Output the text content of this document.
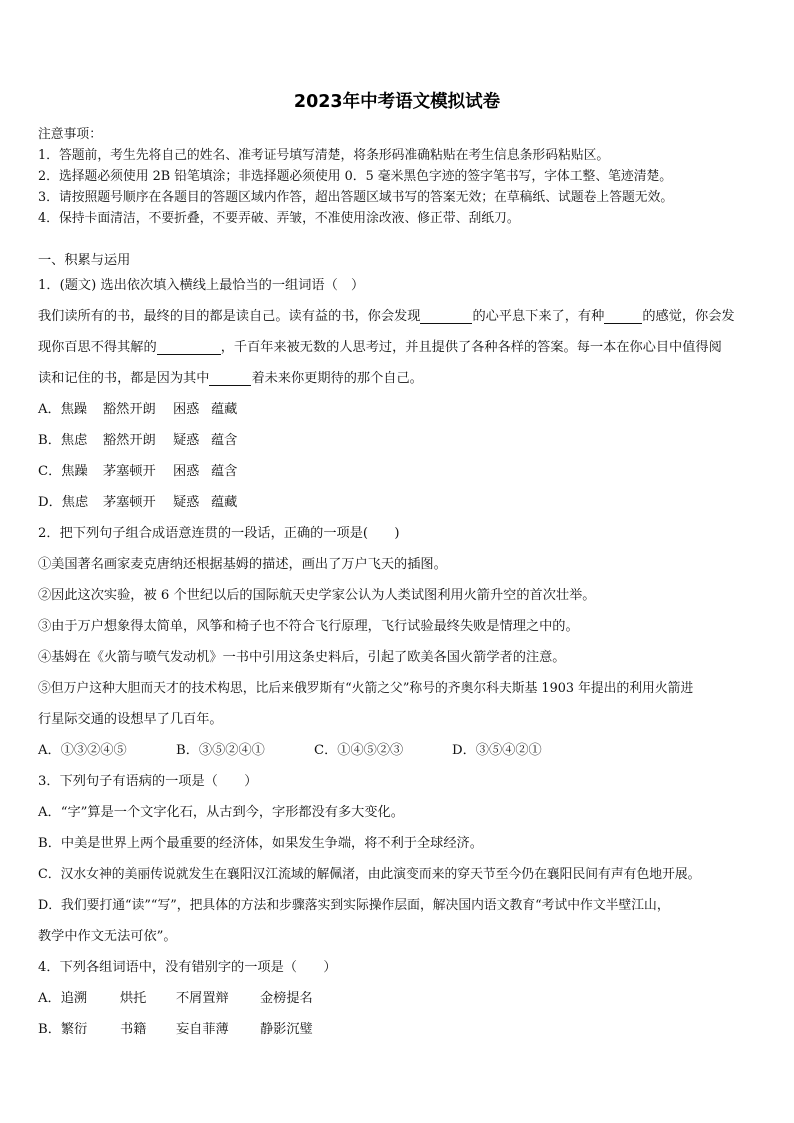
2023年中考语文模拟试卷
注意事项：
1．答题前，考生先将自己的姓名、准考证号填写清楚，将条形码准确粘贴在考生信息条形码粘贴区。
2．选择题必须使用 2B 铅笔填涂；非选择题必须使用 0．5 毫米黑色字迹的签字笔书写，字体工整、笔迹清楚。
3．请按照题号顺序在各题目的答题区域内作答，超出答题区域书写的答案无效；在草稿纸、试题卷上答题无效。
4．保持卡面清洁，不要折叠，不要弄破、弄皱，不准使用涂改液、修正带、刮纸刀。
一、积累与运用
1．(题文) 选出依次填入横线上最恰当的一组词语（　）
我们读所有的书，最终的目的都是读自己。读有益的书，你会发现	的心平息下来了，有种	的感觉，你会发
现你百思不得其解的	，千百年来被无数的人思考过，并且提供了各种各样的答案。每一本在你心目中值得阅
读和记住的书，都是因为其中	着未来你更期待的那个自己。
A．焦躁 豁然开朗 困惑 蕴藏
B．焦虑 豁然开朗 疑惑 蕴含
C．焦躁 茅塞顿开 困惑 蕴含
D．焦虑 茅塞顿开 疑惑 蕴藏
2．把下列句子组合成语意连贯的一段话，正确的一项是(　　)
①美国著名画家麦克唐纳还根据基姆的描述，画出了万户飞天的插图。
②因此这次实验，被 6 个世纪以后的国际航天史学家公认为人类试图利用火箭升空的首次壮举。
③由于万户想象得太简单，风筝和椅子也不符合飞行原理，飞行试验最终失败是情理之中的。
④基姆在《火箭与喷气发动机》一书中引用这条史料后，引起了欧美各国火箭学者的注意。
⑤但万户这种大胆而天才的技术构思，比后来俄罗斯有“火箭之父”称号的齐奥尔科夫斯基 1903 年提出的利用火箭进
行星际交通的设想早了几百年。
A．①③②④⑤	B．③⑤②④①	C．①④⑤②③	D．③⑤④②①
3．下列句子有语病的一项是（　　）
A．“字”算是一个文字化石，从古到今，字形都没有多大变化。
B．中美是世界上两个最重要的经济体，如果发生争端，将不利于全球经济。
C．汉水女神的美丽传说就发生在襄阳汉江流域的解佩渚，由此演变而来的穿天节至今仍在襄阳民间有声有色地开展。
D．我们要打通“读”“写”，把具体的方法和步骤落实到实际操作层面，解决国内语文教育“考试中作文半壁江山，
教学中作文无法可依”。
4．下列各组词语中，没有错别字的一项是（　　）
A．追溯 烘托 不屑置辩 金榜提名
B．繁衍 书籍 妄自菲薄 静影沉璧
